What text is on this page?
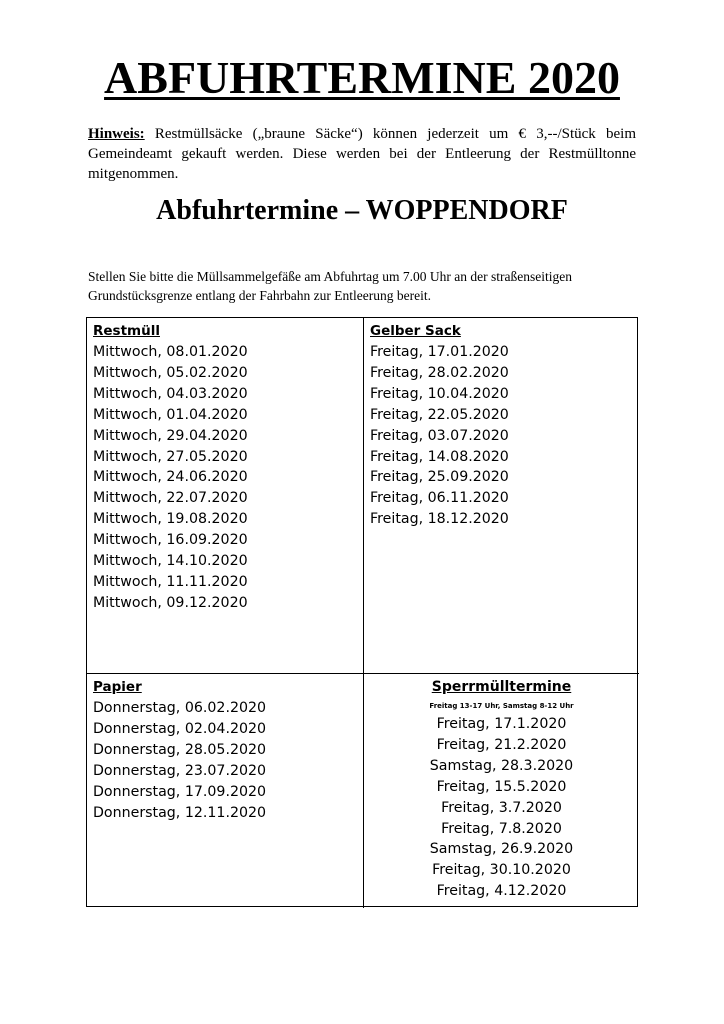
ABFUHRTERMINE 2020

Hinweis: Restmüllsäcke („braune Säcke“) können jederzeit um € 3,--/Stück beim Gemeindeamt gekauft werden. Diese werden bei der Entleerung der Restmülltonne mitgenommen.

Abfuhrtermine – WOPPENDORF

Stellen Sie bitte die Müllsammelgefäße am Abfuhrtag um 7.00 Uhr an der straßenseitigen Grundstücksgrenze entlang der Fahrbahn zur Entleerung bereit.

Restmüll
Mittwoch, 08.01.2020
Mittwoch, 05.02.2020
Mittwoch, 04.03.2020
Mittwoch, 01.04.2020
Mittwoch, 29.04.2020
Mittwoch, 27.05.2020
Mittwoch, 24.06.2020
Mittwoch, 22.07.2020
Mittwoch, 19.08.2020
Mittwoch, 16.09.2020
Mittwoch, 14.10.2020
Mittwoch, 11.11.2020
Mittwoch, 09.12.2020
Gelber Sack
Freitag, 17.01.2020
Freitag, 28.02.2020
Freitag, 10.04.2020
Freitag, 22.05.2020
Freitag, 03.07.2020
Freitag, 14.08.2020
Freitag, 25.09.2020
Freitag, 06.11.2020
Freitag, 18.12.2020
Papier
Donnerstag, 06.02.2020
Donnerstag, 02.04.2020
Donnerstag, 28.05.2020
Donnerstag, 23.07.2020
Donnerstag, 17.09.2020
Donnerstag, 12.11.2020
Sperrmülltermine
Freitag 13-17 Uhr, Samstag 8-12 Uhr
Freitag, 17.1.2020
Freitag, 21.2.2020
Samstag, 28.3.2020
Freitag, 15.5.2020
Freitag, 3.7.2020
Freitag, 7.8.2020
Samstag, 26.9.2020
Freitag, 30.10.2020
Freitag, 4.12.2020
